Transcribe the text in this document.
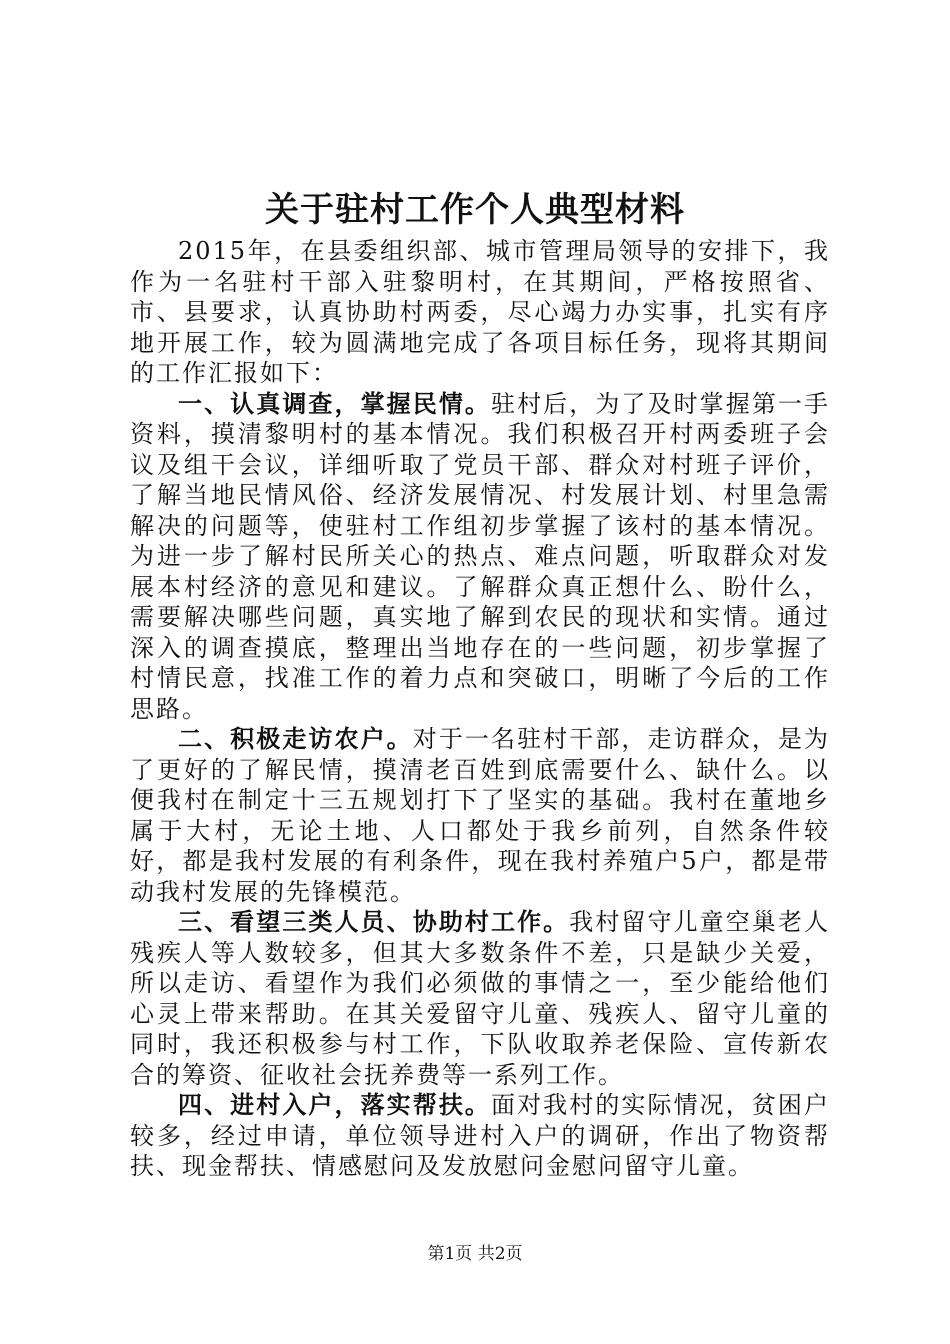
关于驻村工作个人典型材料

2015年，在县委组织部、城市管理局领导的安排下，我作为一名驻村干部入驻黎明村，在其期间，严格按照省、市、县要求，认真协助村两委，尽心竭力办实事，扎实有序地开展工作，较为圆满地完成了各项目标任务，现将其期间的工作汇报如下：

一、认真调查，掌握民情。驻村后，为了及时掌握第一手资料，摸清黎明村的基本情况。我们积极召开村两委班子会议及组干会议，详细听取了党员干部、群众对村班子评价，了解当地民情风俗、经济发展情况、村发展计划、村里急需解决的问题等，使驻村工作组初步掌握了该村的基本情况。为进一步了解村民所关心的热点、难点问题，听取群众对发展本村经济的意见和建议。了解群众真正想什么、盼什么，需要解决哪些问题，真实地了解到农民的现状和实情。通过深入的调查摸底，整理出当地存在的一些问题，初步掌握了村情民意，找准工作的着力点和突破口，明晰了今后的工作思路。

二、积极走访农户。对于一名驻村干部，走访群众，是为了更好的了解民情，摸清老百姓到底需要什么、缺什么。以便我村在制定十三五规划打下了坚实的基础。我村在董地乡属于大村，无论土地、人口都处于我乡前列，自然条件较好，都是我村发展的有利条件，现在我村养殖户5户，都是带动我村发展的先锋模范。

三、看望三类人员、协助村工作。我村留守儿童空巢老人残疾人等人数较多，但其大多数条件不差，只是缺少关爱，所以走访、看望作为我们必须做的事情之一，至少能给他们心灵上带来帮助。在其关爱留守儿童、残疾人、留守儿童的同时，我还积极参与村工作，下队收取养老保险、宣传新农合的筹资、征收社会抚养费等一系列工作。

四、进村入户，落实帮扶。面对我村的实际情况，贫困户较多，经过申请，单位领导进村入户的调研，作出了物资帮扶、现金帮扶、情感慰问及发放慰问金慰问留守儿童。

第1页 共2页
